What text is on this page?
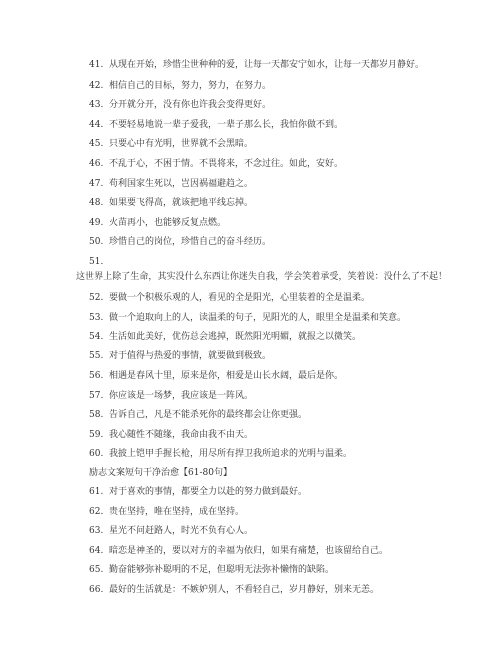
41. 从现在开始，珍惜尘世种种的爱，让每一天都安宁如水，让每一天都岁月静好。
42. 相信自己的目标，努力，努力，在努力。
43. 分开就分开，没有你也许我会变得更好。
44. 不要轻易地说一辈子爱我，一辈子那么长，我怕你做不到。
45. 只要心中有光明，世界就不会黑暗。
46. 不乱于心，不困于情。不畏将来，不念过往。如此，安好。
47. 苟利国家生死以，岂因祸福避趋之。
48. 如果要飞得高，就该把地平线忘掉。
49. 火苗再小，也能够反复点燃。
50. 珍惜自己的岗位，珍惜自己的奋斗经历。
51.
这世界上除了生命，其实没什么东西让你迷失自我，学会笑着承受，笑着说：没什么了不起！
52. 要做一个积极乐观的人，看见的全是阳光，心里装着的全是温柔。
53. 做一个追取向上的人，读温柔的句子，见阳光的人，眼里全是温柔和笑意。
54. 生活如此美好，优伤总会逃掉，既然阳光明媚，就报之以微笑。
55. 对于值得与热爱的事情，就要做到极致。
56. 相遇是春风十里，原来是你，相爱是山长水阔，最后是你。
57. 你应该是一场梦，我应该是一阵风。
58. 告诉自己，凡是不能杀死你的最终都会让你更强。
59. 我心随性不随缘，我命由我不由天。
60. 我披上铠甲手握长枪，用尽所有捍卫我所追求的光明与温柔。
励志文案短句干净治愈【61-80句】
61. 对于喜欢的事情，都要全力以赴的努力做到最好。
62. 贵在坚持，唯在坚持，成在坚持。
63. 星光不问赶路人，时光不负有心人。
64. 暗恋是神圣的，要以对方的幸福为依归，如果有痛楚，也该留给自己。
65. 勤奋能够弥补聪明的不足，但聪明无法弥补懒惰的缺陷。
66. 最好的生活就是：不嫉妒别人，不看轻自己，岁月静好，别来无恙。
